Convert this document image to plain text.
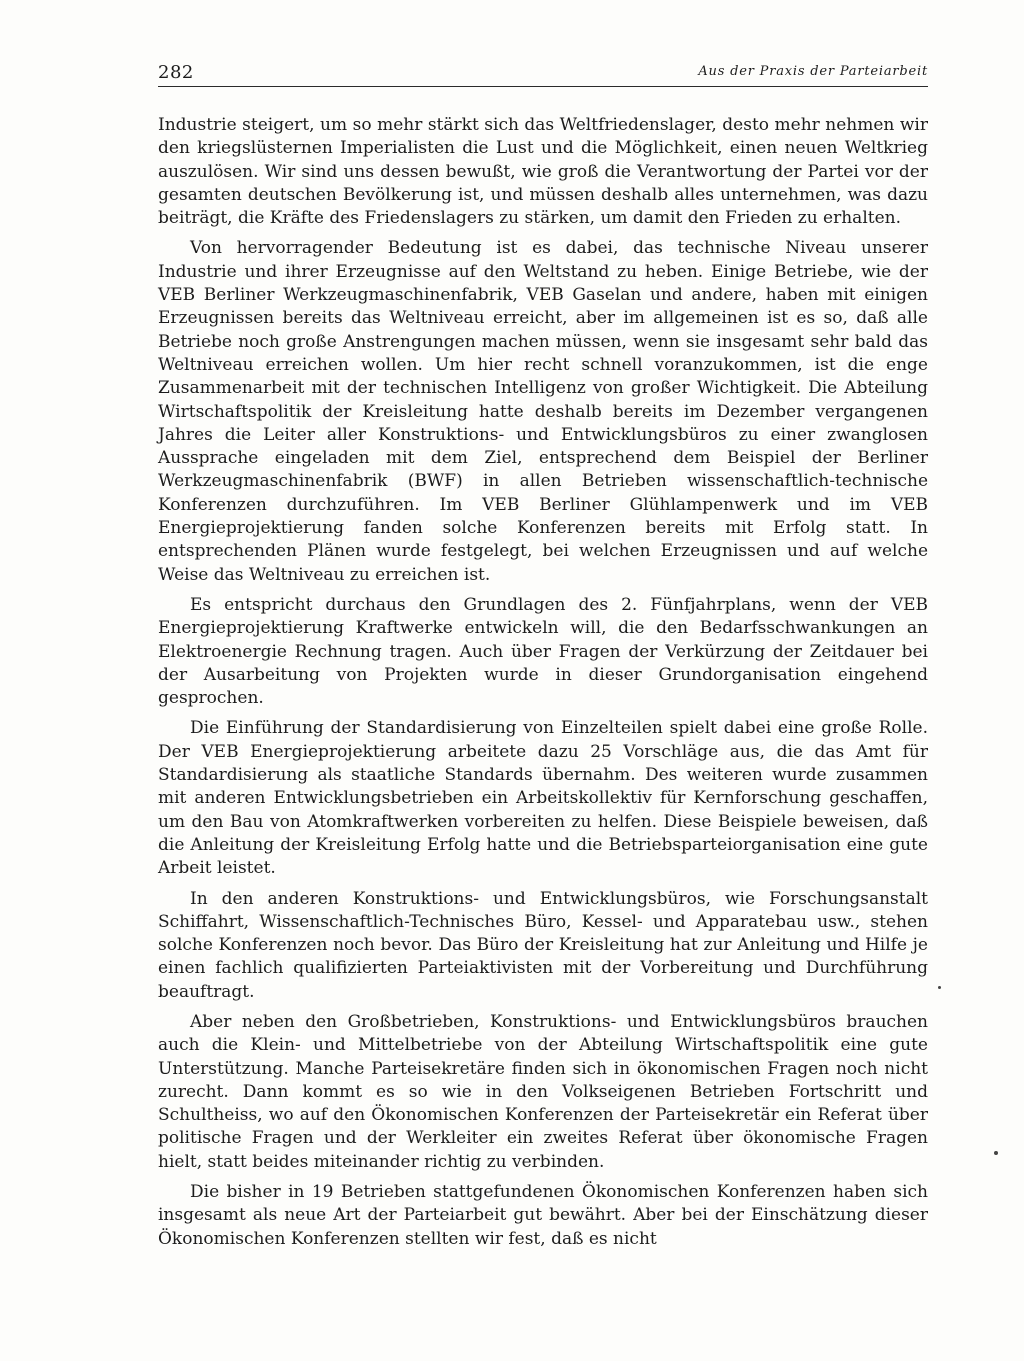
282	Aus der Praxis der Parteiarbeit

Industrie steigert, um so mehr stärkt sich das Weltfriedenslager, desto mehr nehmen wir den kriegslüsternen Imperialisten die Lust und die Möglichkeit, einen neuen Weltkrieg auszulösen. Wir sind uns dessen bewußt, wie groß die Verantwortung der Partei vor der gesamten deutschen Bevölkerung ist, und müssen deshalb alles unternehmen, was dazu beiträgt, die Kräfte des Friedenslagers zu stärken, um damit den Frieden zu erhalten.

Von hervorragender Bedeutung ist es dabei, das technische Niveau unserer Industrie und ihrer Erzeugnisse auf den Weltstand zu heben. Einige Betriebe, wie der VEB Berliner Werkzeugmaschinenfabrik, VEB Gaselan und andere, haben mit einigen Erzeugnissen bereits das Weltniveau erreicht, aber im allgemeinen ist es so, daß alle Betriebe noch große Anstrengungen machen müssen, wenn sie insgesamt sehr bald das Weltniveau erreichen wollen. Um hier recht schnell voranzukommen, ist die enge Zusammenarbeit mit der technischen Intelligenz von großer Wichtigkeit. Die Abteilung Wirtschaftspolitik der Kreisleitung hatte deshalb bereits im Dezember vergangenen Jahres die Leiter aller Konstruktions- und Entwicklungsbüros zu einer zwanglosen Aussprache eingeladen mit dem Ziel, entsprechend dem Beispiel der Berliner Werkzeugmaschinenfabrik (BWF) in allen Betrieben wissenschaftlich-technische Konferenzen durchzuführen. Im VEB Berliner Glühlampenwerk und im VEB Energieprojektierung fanden solche Konferenzen bereits mit Erfolg statt. In entsprechenden Plänen wurde festgelegt, bei welchen Erzeugnissen und auf welche Weise das Weltniveau zu erreichen ist.

Es entspricht durchaus den Grundlagen des 2. Fünfjahrplans, wenn der VEB Energieprojektierung Kraftwerke entwickeln will, die den Bedarfsschwankungen an Elektroenergie Rechnung tragen. Auch über Fragen der Verkürzung der Zeitdauer bei der Ausarbeitung von Projekten wurde in dieser Grundorganisation eingehend gesprochen.

Die Einführung der Standardisierung von Einzelteilen spielt dabei eine große Rolle. Der VEB Energieprojektierung arbeitete dazu 25 Vorschläge aus, die das Amt für Standardisierung als staatliche Standards übernahm. Des weiteren wurde zusammen mit anderen Entwicklungsbetrieben ein Arbeitskollektiv für Kernforschung geschaffen, um den Bau von Atomkraftwerken vorbereiten zu helfen. Diese Beispiele beweisen, daß die Anleitung der Kreisleitung Erfolg hatte und die Betriebsparteiorganisation eine gute Arbeit leistet.

In den anderen Konstruktions- und Entwicklungsbüros, wie Forschungsanstalt Schiffahrt, Wissenschaftlich-Technisches Büro, Kessel- und Apparatebau usw., stehen solche Konferenzen noch bevor. Das Büro der Kreisleitung hat zur Anleitung und Hilfe je einen fachlich qualifizierten Parteiaktivisten mit der Vorbereitung und Durchführung beauftragt.

Aber neben den Großbetrieben, Konstruktions- und Entwicklungsbüros brauchen auch die Klein- und Mittelbetriebe von der Abteilung Wirtschaftspolitik eine gute Unterstützung. Manche Parteisekretäre finden sich in ökonomischen Fragen noch nicht zurecht. Dann kommt es so wie in den Volkseigenen Betrieben Fortschritt und Schultheiss, wo auf den Ökonomischen Konferenzen der Parteisekretär ein Referat über politische Fragen und der Werkleiter ein zweites Referat über ökonomische Fragen hielt, statt beides miteinander richtig zu verbinden.

Die bisher in 19 Betrieben stattgefundenen Ökonomischen Konferenzen haben sich insgesamt als neue Art der Parteiarbeit gut bewährt. Aber bei der Einschätzung dieser Ökonomischen Konferenzen stellten wir fest, daß es nicht
